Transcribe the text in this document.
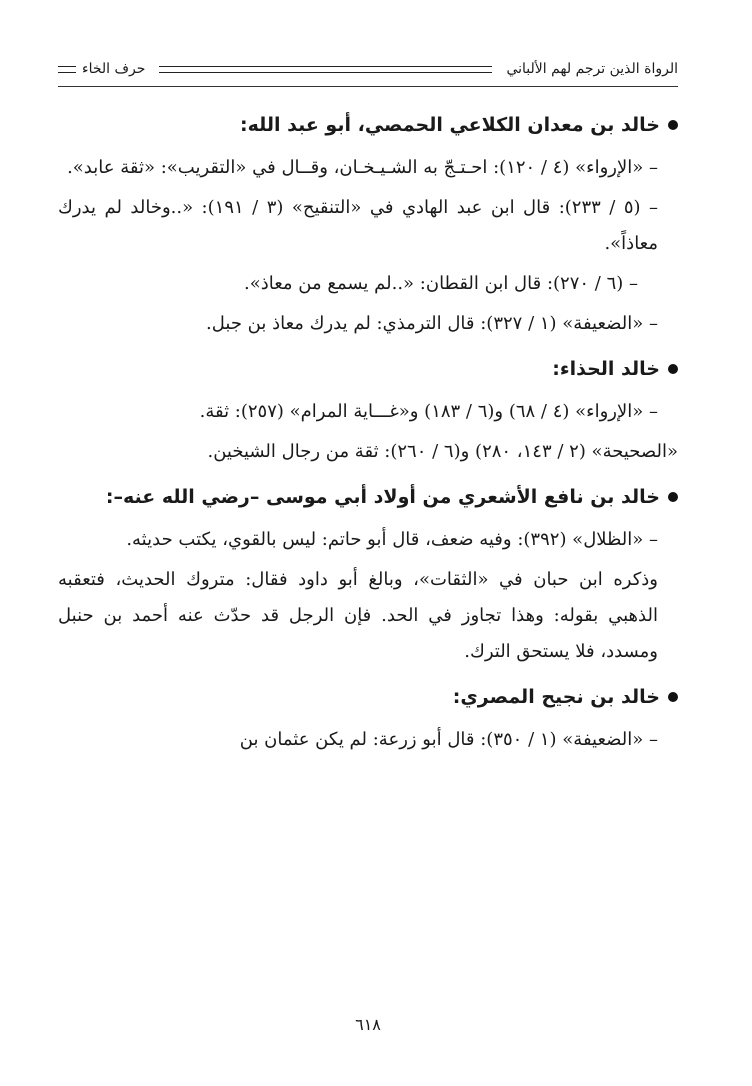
الرواة الذين ترجم لهم الألباني
حرف الخاء
خالد بن معدان الكلاعي الحمصي، أبو عبد الله:

– «الإرواء» (٤ / ١٢٠): احـتـجّ به الشـيـخـان، وقــال في «التقريب»: «ثقة عابد».

– (٥ / ٢٣٣): قال ابن عبد الهادي في «التنقيح» (٣ / ١٩١): «..وخالد لم يدرك معاذاً».

– (٦ / ٢٧٠): قال ابن القطان: «..لم يسمع من معاذ».

– «الضعيفة» (١ / ٣٢٧): قال الترمذي: لم يدرك معاذ بن جبل.

خالد الحذاء:

– «الإرواء» (٤ / ٦٨) و(٦ / ١٨٣) و«غـــاية المرام» (٢٥٧): ثقة.

«الصحيحة» (٢ / ١٤٣، ٢٨٠) و(٦ / ٢٦٠): ثقة من رجال الشيخين.

خالد بن نافع الأشعري من أولاد أبي موسى –رضي الله عنه–:

– «الظلال» (٣٩٢): وفيه ضعف، قال أبو حاتم: ليس بالقوي، يكتب حديثه.

وذكره ابن حبان في «الثقات»، وبالغ أبو داود فقال: متروك الحديث، فتعقبه الذهبي بقوله: وهذا تجاوز في الحد. فإن الرجل قد حدّث عنه أحمد بن حنبل ومسدد، فلا يستحق الترك.

خالد بن نجيح المصري:

– «الضعيفة» (١ / ٣٥٠): قال أبو زرعة: لم يكن عثمان بن

٦١٨
